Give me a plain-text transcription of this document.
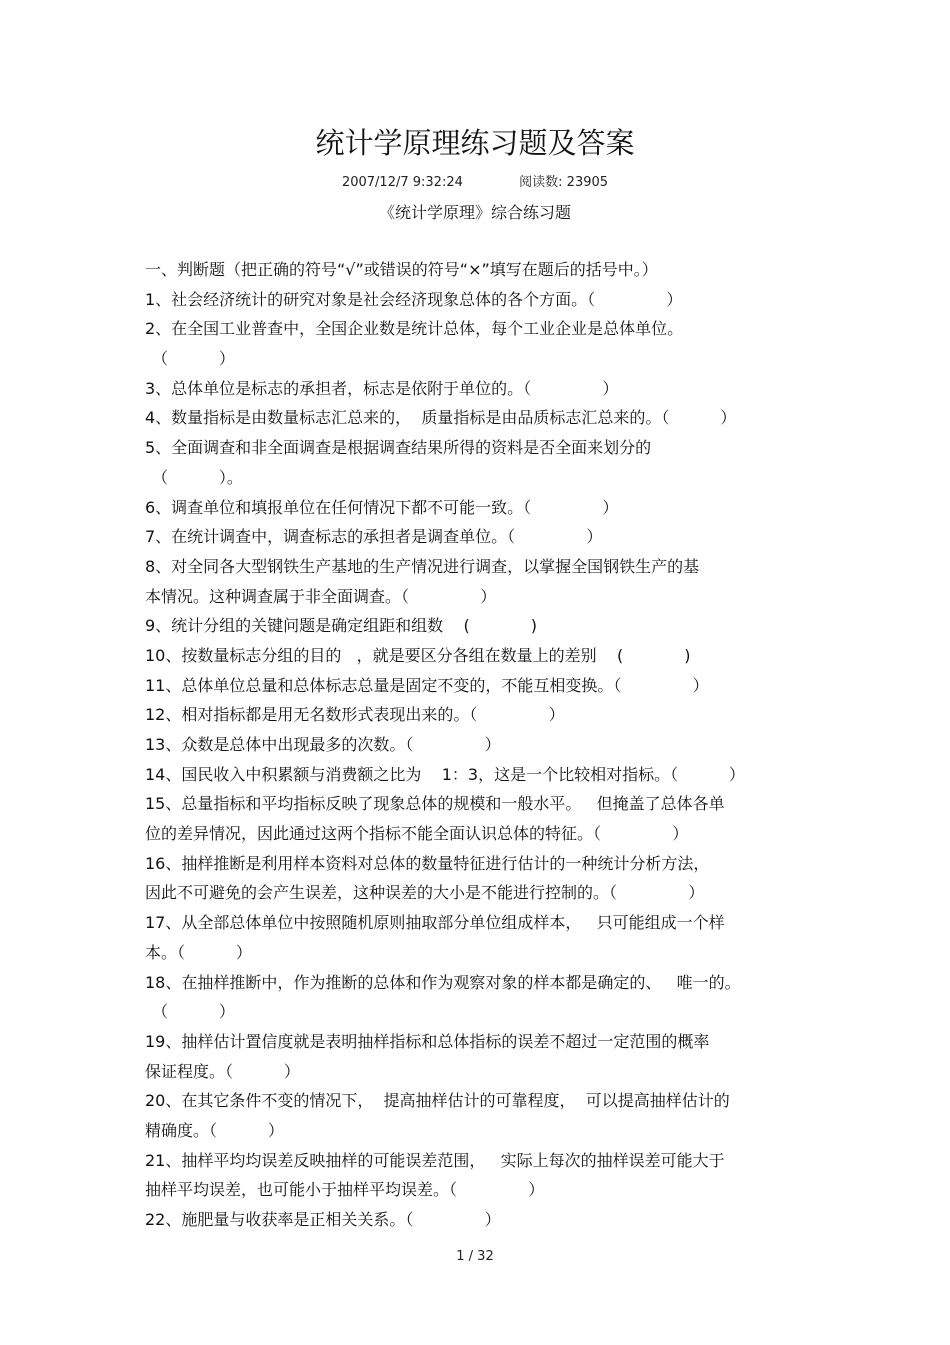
统计学原理练习题及答案
2007/12/7 9:32:24	阅读数: 23905
《统计学原理》综合练习题
一、判断题（把正确的符号“√”或错误的符号“×”填写在题后的括号中。）
1、社会经济统计的研究对象是社会经济现象总体的各个方面。（              ）
2、在全国工业普查中，全国企业数是统计总体，每个工业企业是总体单位。
（          ）
3、总体单位是标志的承担者，标志是依附于单位的。（              ）
4、数量指标是由数量标志汇总来的，  质量指标是由品质标志汇总来的。（          ）
5、全面调查和非全面调查是根据调查结果所得的资料是否全面来划分的
（          ）。
6、调查单位和填报单位在任何情况下都不可能一致。（              ）
7、在统计调查中，调查标志的承担者是调查单位。（              ）
8、对全同各大型钢铁生产基地的生产情况进行调查，以掌握全国钢铁生产的基
本情况。这种调查属于非全面调查。（              ）
9、统计分组的关键问题是确定组距和组数    (            )
10、按数量标志分组的目的   ，就是要区分各组在数量上的差别    (            )
11、总体单位总量和总体标志总量是固定不变的，不能互相变换。（              ）
12、相对指标都是用无名数形式表现出来的。（              ）
13、众数是总体中出现最多的次数。（              ）
14、国民收入中积累额与消费额之比为    1：3，这是一个比较相对指标。（          ）
15、总量指标和平均指标反映了现象总体的规模和一般水平。   但掩盖了总体各单
位的差异情况，因此通过这两个指标不能全面认识总体的特征。（              ）
16、抽样推断是利用样本资料对总体的数量特征进行估计的一种统计分析方法，
因此不可避免的会产生误差，这种误差的大小是不能进行控制的。（              ）
17、从全部总体单位中按照随机原则抽取部分单位组成样本，   只可能组成一个样
本。（          ）
18、在抽样推断中，作为推断的总体和作为观察对象的样本都是确定的、   唯一的。
（          ）
19、抽样估计置信度就是表明抽样指标和总体指标的误差不超过一定范围的概率
保证程度。（          ）
20、在其它条件不变的情况下，  提高抽样估计的可靠程度，  可以提高抽样估计的
精确度。（          ）
21、抽样平均均误差反映抽样的可能误差范围，   实际上每次的抽样误差可能大于
抽样平均误差，也可能小于抽样平均误差。（              ）
22、施肥量与收获率是正相关关系。（              ）
1 / 32
